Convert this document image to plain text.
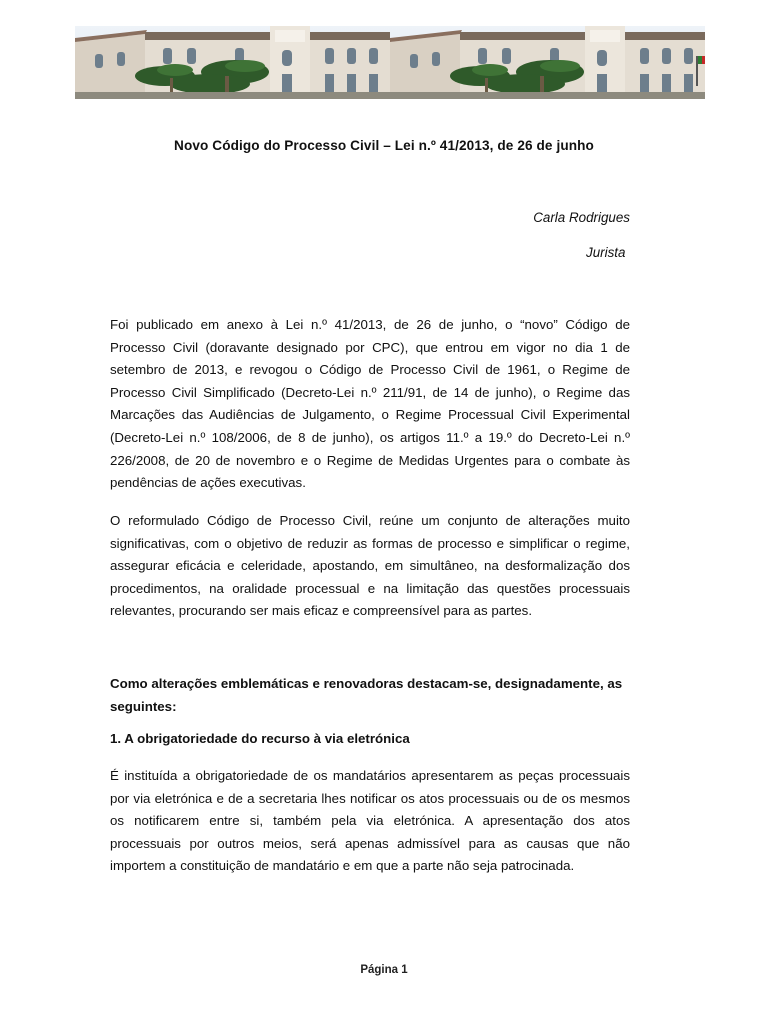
Novo Código do Processo Civil – Lei n.º 41/2013, de 26 de junho
Carla Rodrigues
Jurista

Foi publicado em anexo à Lei n.º 41/2013, de 26 de junho, o “novo” Código de Processo Civil (doravante designado por CPC), que entrou em vigor no dia 1 de setembro de 2013, e revogou o Código de Processo Civil de 1961, o Regime de Processo Civil Simplificado (Decreto-Lei n.º 211/91, de 14 de junho), o Regime das Marcações das Audiências de Julgamento, o Regime Processual Civil Experimental (Decreto-Lei n.º 108/2006, de 8 de junho), os artigos 11.º a 19.º do Decreto-Lei n.º 226/2008, de 20 de novembro e o Regime de Medidas Urgentes para o combate às pendências de ações executivas.

O reformulado Código de Processo Civil, reúne um conjunto de alterações muito significativas, com o objetivo de reduzir as formas de processo e simplificar o regime, assegurar eficácia e celeridade, apostando, em simultâneo, na desformalização dos procedimentos, na oralidade processual e na limitação das questões processuais relevantes, procurando ser mais eficaz e compreensível para as partes.

Como alterações emblemáticas e renovadoras destacam-se, designadamente, as seguintes:

1. A obrigatoriedade do recurso à via eletrónica

É instituída a obrigatoriedade de os mandatários apresentarem as peças processuais por via eletrónica e de a secretaria lhes notificar os atos processuais ou de os mesmos os notificarem entre si, também pela via eletrónica. A apresentação dos atos processuais por outros meios, será apenas admissível para as causas que não importem a constituição de mandatário e em que a parte não seja patrocinada.

Página 1
